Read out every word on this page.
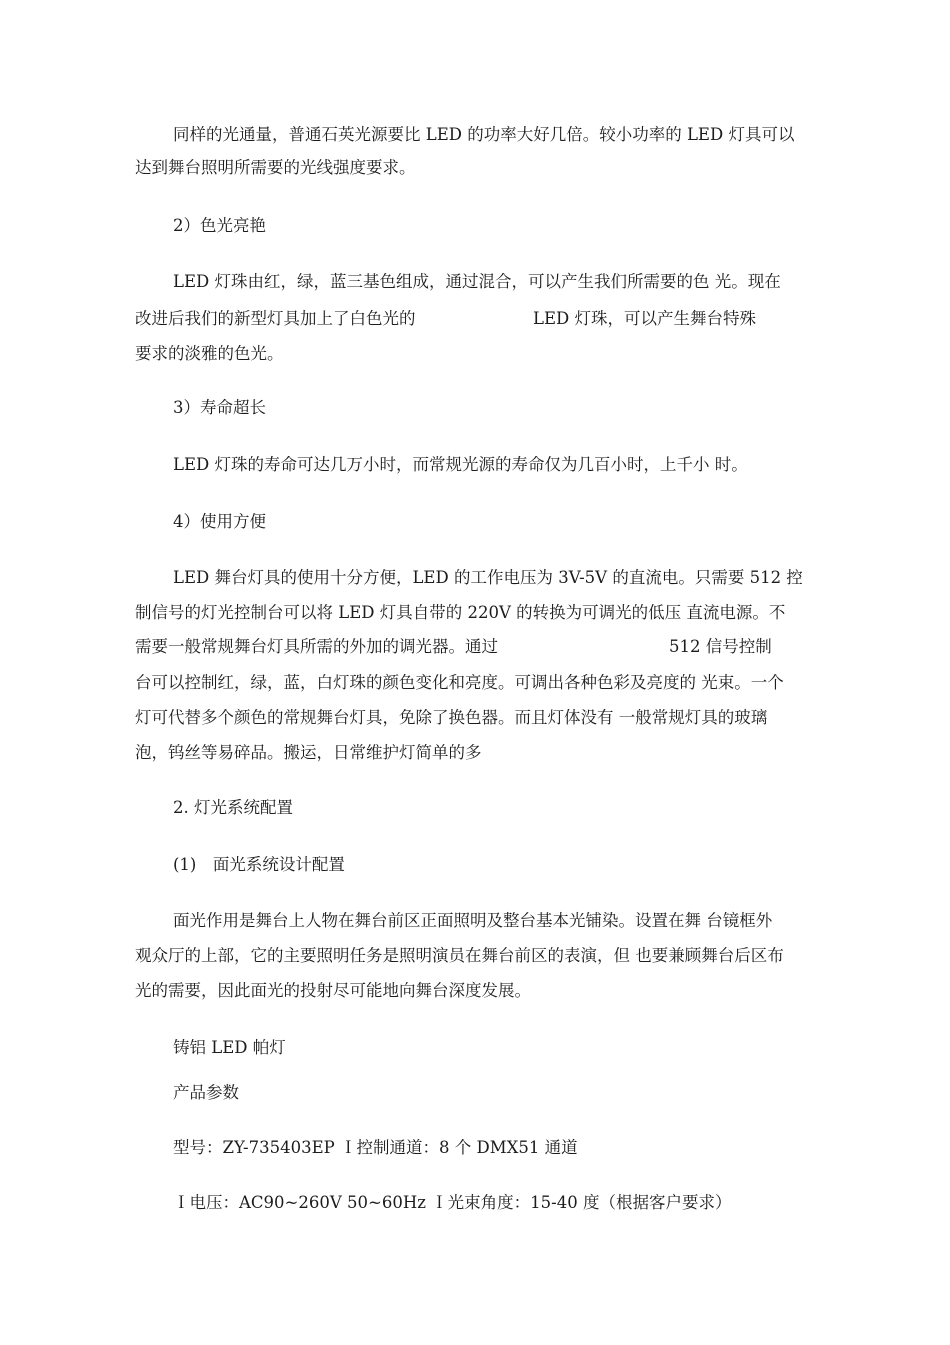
同样的光通量，普通石英光源要比 LED 的功率大好几倍。较小功率的 LED 灯具可以
达到舞台照明所需要的光线强度要求。
2）色光亮艳
LED 灯珠由红，绿，蓝三基色组成，通过混合，可以产生我们所需要的色 光。现在
改进后我们的新型灯具加上了白色光的	LED 灯珠，可以产生舞台特殊
要求的淡雅的色光。
3）寿命超长
LED 灯珠的寿命可达几万小时，而常规光源的寿命仅为几百小时，上千小 时。
4）使用方便
LED 舞台灯具的使用十分方便，LED 的工作电压为 3V-5V 的直流电。只需要 512 控
制信号的灯光控制台可以将 LED 灯具自带的 220V 的转换为可调光的低压 直流电源。不
需要一般常规舞台灯具所需的外加的调光器。通过	512 信号控制
台可以控制红，绿，蓝，白灯珠的颜色变化和亮度。可调出各种色彩及亮度的 光束。一个
灯可代替多个颜色的常规舞台灯具，免除了换色器。而且灯体没有 一般常规灯具的玻璃
泡，钨丝等易碎品。搬运，日常维护灯简单的多
2. 灯光系统配置
(1)　面光系统设计配置
面光作用是舞台上人物在舞台前区正面照明及整台基本光铺染。设置在舞 台镜框外
观众厅的上部，它的主要照明任务是照明演员在舞台前区的表演，但 也要兼顾舞台后区布
光的需要，因此面光的投射尽可能地向舞台深度发展。
铸铝 LED 帕灯
产品参数
型号：ZY-735403EP Ｉ控制通道：8 个 DMX51 通道
Ｉ电压：AC90~260V 50~60Hz Ｉ光束角度：15-40 度（根据客户要求）
